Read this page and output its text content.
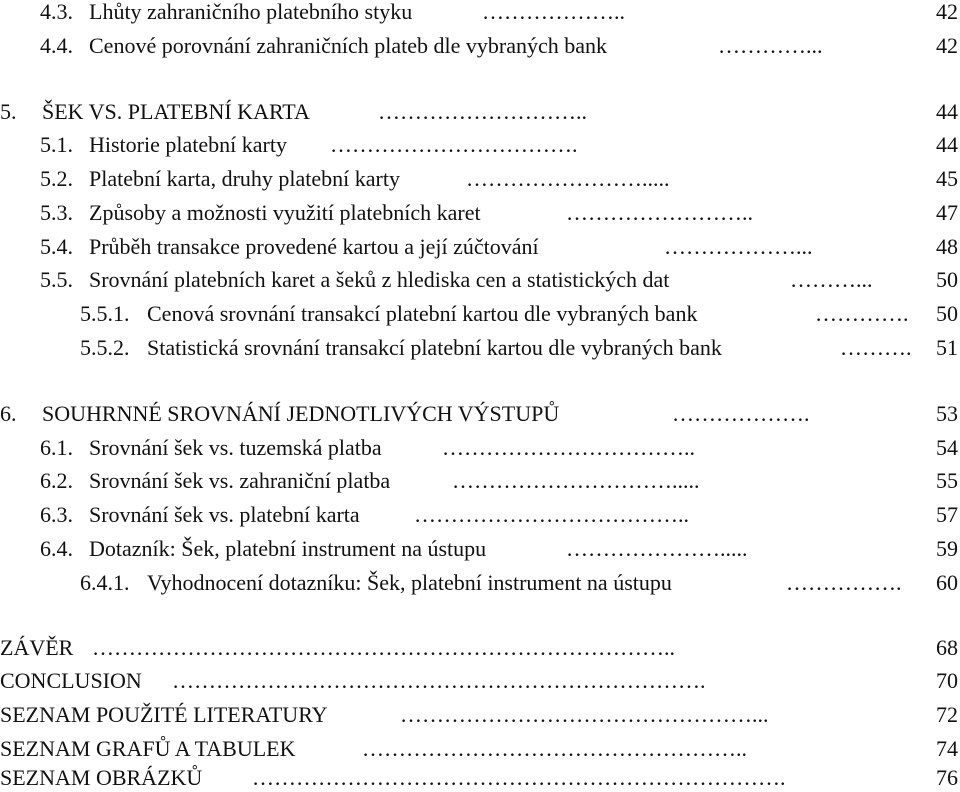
4.3. Lhůty zahraničního platebního styku	………………..	42
4.4. Cenové porovnání zahraničních plateb dle vybraných bank	…………...	42
5. ŠEK VS. PLATEBNÍ KARTA	………………………..	44
5.1. Historie platební karty …………………………….	44
5.2. Platební karta, druhy platební karty	…………………….....	45
5.3. Způsoby a možnosti využití platebních karet	……………………..	47
5.4. Průběh transakce provedené kartou a její zúčtování	………………...	48
5.5. Srovnání platebních karet a šeků z hlediska cen a statistických dat	………...	50
5.5.1. Cenová srovnání transakcí platební kartou dle vybraných bank	………….	50
5.5.2. Statistická srovnání transakcí platební kartou dle vybraných bank	……….	51
6. SOUHRNNÉ SROVNÁNÍ JEDNOTLIVÝCH VÝSTUPŮ	……………….	53
6.1. Srovnání šek vs. tuzemská platba	……………………………..	54
6.2. Srovnání šek vs. zahraniční platba	………………………….....	55
6.3. Srovnání šek vs. platební karta ………………………………..	57
6.4. Dotazník: Šek, platební instrument na ústupu	………………….....	59
6.4.1. Vyhodnocení dotazníku: Šek, platební instrument na ústupu	…………….	60
ZÁVĚR ……………………………………………………………………..	68
CONCLUSION ……………………………………………………………….	70
SEZNAM POUŽITÉ LITERATURY	…………………………………………...	72
SEZNAM GRAFŮ A TABULEK	……………………………………………..	74
SEZNAM OBRÁZKŮ ……………………………………………………………….	76
